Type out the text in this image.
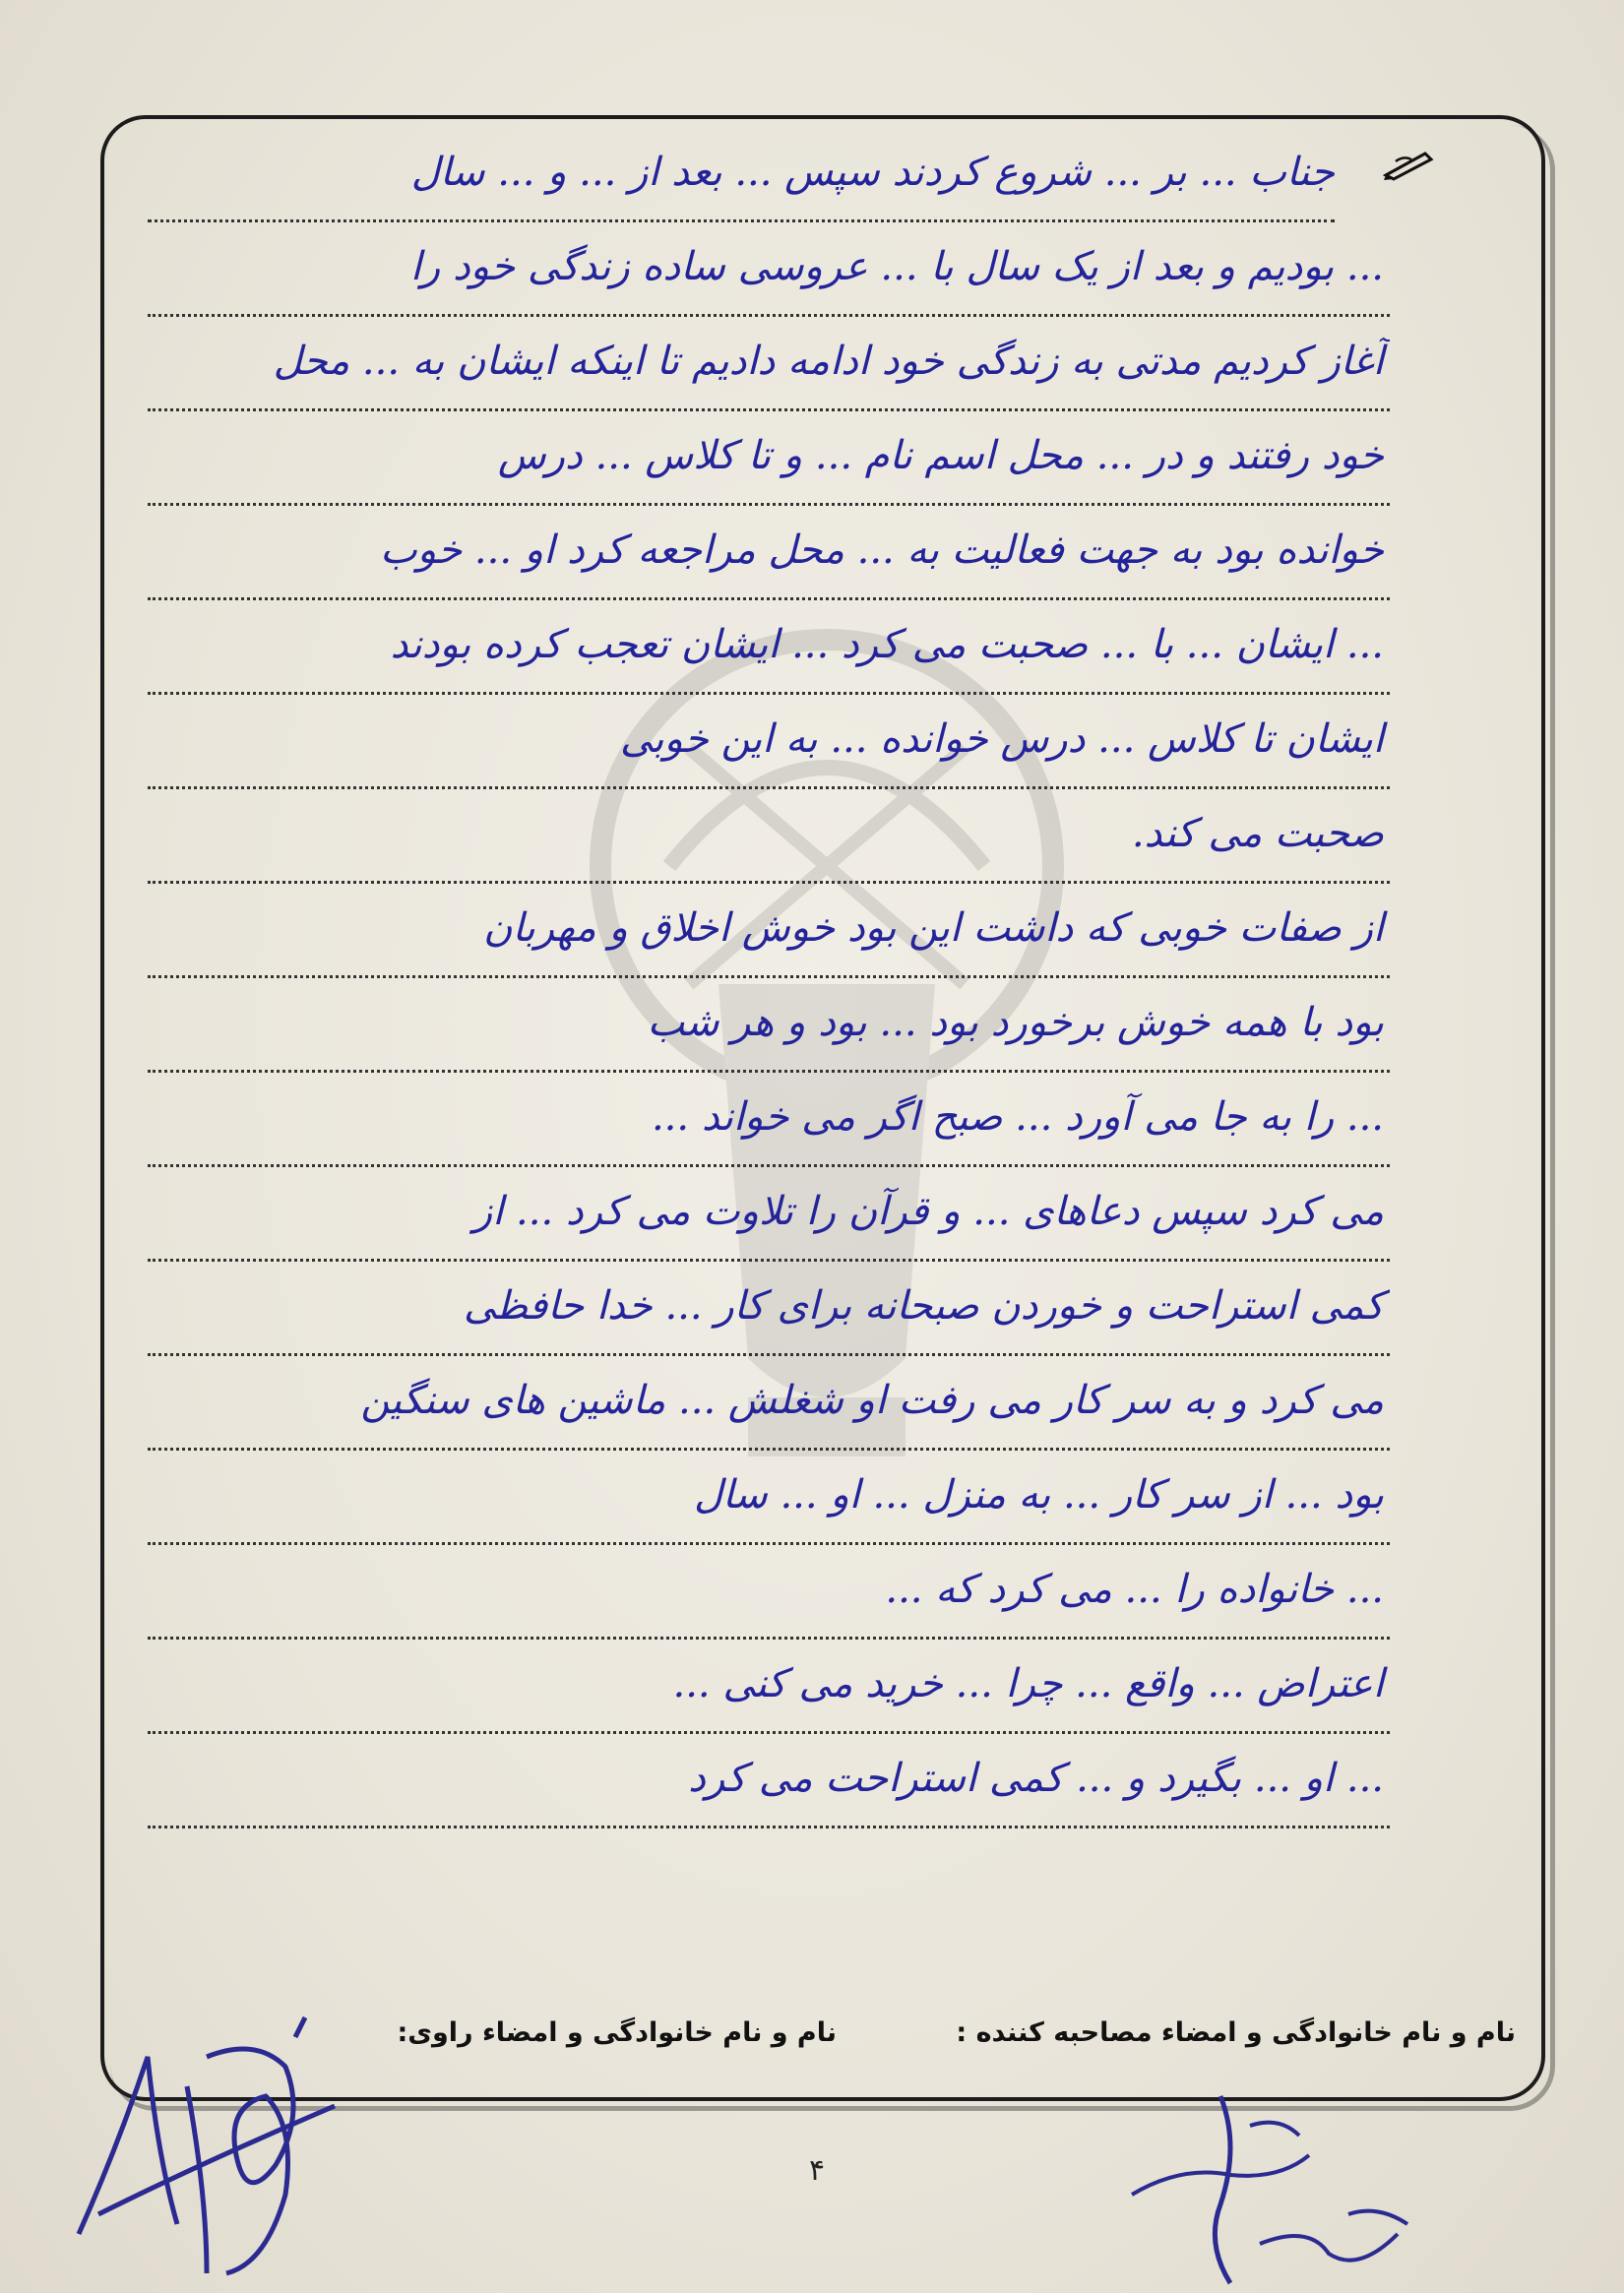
جناب ... بر ... شروع کردند سپس ... بعد از ... و ... سال
... بودیم و بعد از یک سال با ... عروسی ساده زندگی خود را
آغاز کردیم مدتی به زندگی خود ادامه دادیم تا اینکه ایشان به ... محل
خود رفتند و در ... محل اسم نام ... و تا کلاس ... درس
خوانده بود به جهت فعالیت به ... محل مراجعه کرد او ... خوب
... ایشان ... با ... صحبت می کرد ... ایشان تعجب کرده بودند
ایشان تا کلاس ... درس خوانده ... به این خوبی
صحبت می کند.
از صفات خوبی که داشت این بود خوش اخلاق و مهربان
بود با همه خوش برخورد بود ... بود و هر شب
... را به جا می آورد ... صبح اگر می خواند ...
می کرد سپس دعاهای ... و قرآن را تلاوت می کرد ... از
کمی استراحت و خوردن صبحانه برای کار ... خدا حافظی
می کرد و به سر کار می رفت او شغلش ... ماشین های سنگین
بود ... از سر کار ... به منزل ... او ... سال
... خانواده را ... می کرد که ...
اعتراض ... واقع ... چرا ... خرید می کنی ...
... او ... بگیرد و ... کمی استراحت می کرد
نام و نام خانوادگی و امضاء مصاحبه کننده :
نام و نام خانوادگی و امضاء راوی:
۴
